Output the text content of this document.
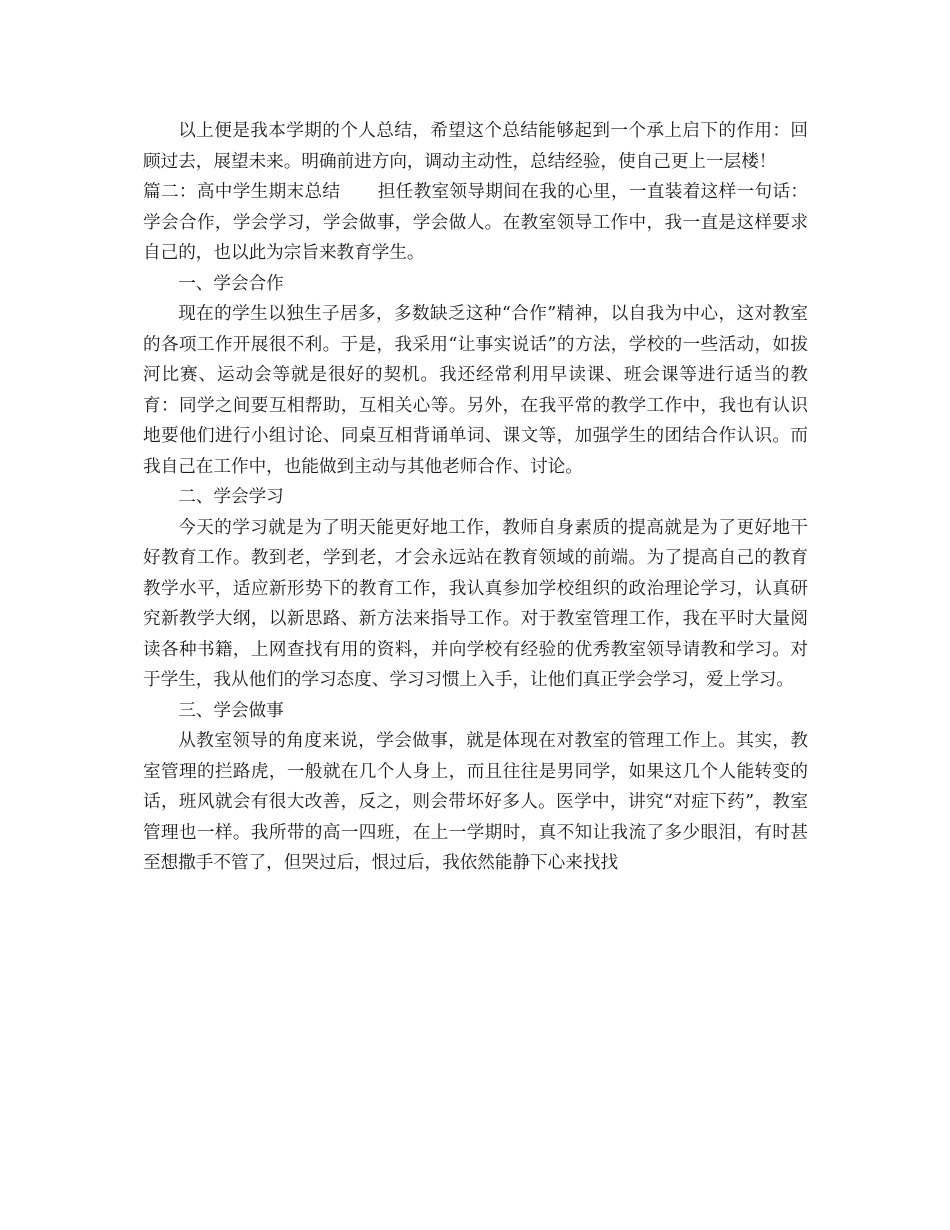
以上便是我本学期的个人总结，希望这个总结能够起到一个承上启下的作用：回顾过去，展望未来。明确前进方向，调动主动性，总结经验，使自己更上一层楼！

篇二：高中学生期末总结 担任教室领导期间在我的心里，一直装着这样一句话：学会合作，学会学习，学会做事，学会做人。在教室领导工作中，我一直是这样要求自己的，也以此为宗旨来教育学生。

一、学会合作

现在的学生以独生子居多，多数缺乏这种“合作”精神，以自我为中心，这对教室的各项工作开展很不利。于是，我采用“让事实说话”的方法，学校的一些活动，如拔河比赛、运动会等就是很好的契机。我还经常利用早读课、班会课等进行适当的教育：同学之间要互相帮助，互相关心等。另外，在我平常的教学工作中，我也有认识地要他们进行小组讨论、同桌互相背诵单词、课文等，加强学生的团结合作认识。而我自己在工作中，也能做到主动与其他老师合作、讨论。

二、学会学习

今天的学习就是为了明天能更好地工作，教师自身素质的提高就是为了更好地干好教育工作。教到老，学到老，才会永远站在教育领域的前端。为了提高自己的教育教学水平，适应新形势下的教育工作，我认真参加学校组织的政治理论学习，认真研究新教学大纲，以新思路、新方法来指导工作。对于教室管理工作，我在平时大量阅读各种书籍，上网查找有用的资料，并向学校有经验的优秀教室领导请教和学习。对于学生，我从他们的学习态度、学习习惯上入手，让他们真正学会学习，爱上学习。

三、学会做事

从教室领导的角度来说，学会做事，就是体现在对教室的管理工作上。其实，教室管理的拦路虎，一般就在几个人身上，而且往往是男同学，如果这几个人能转变的话，班风就会有很大改善，反之，则会带坏好多人。医学中，讲究“对症下药”，教室管理也一样。我所带的高一四班，在上一学期时，真不知让我流了多少眼泪，有时甚至想撒手不管了，但哭过后，恨过后，我依然能静下心来找找
